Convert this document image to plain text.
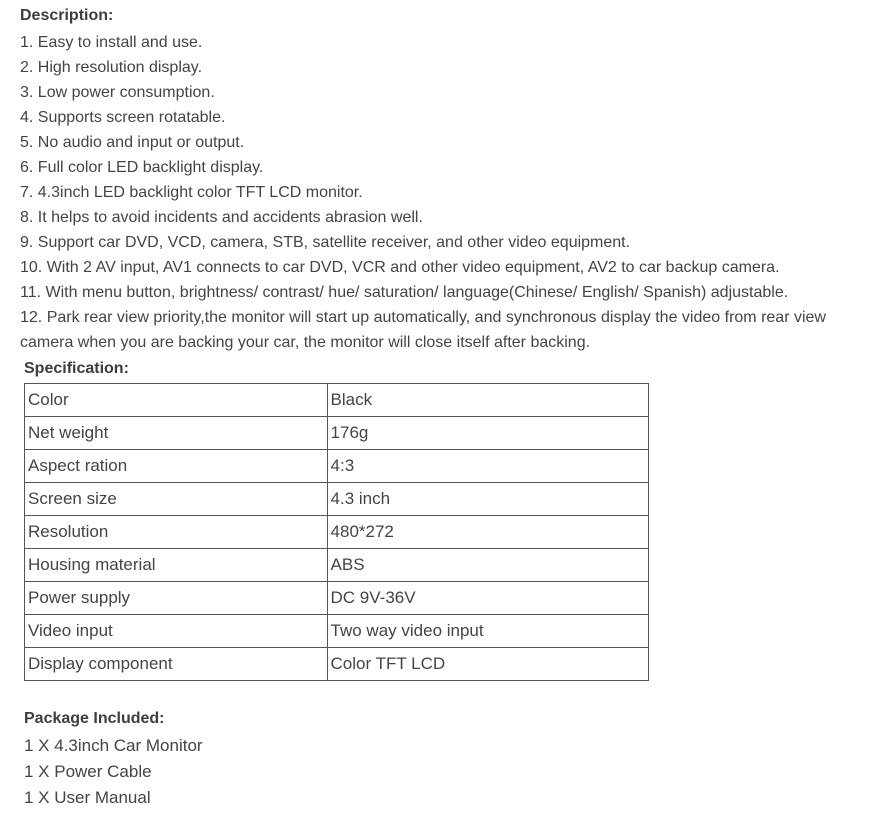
Description:
1. Easy to install and use.
2. High resolution display.
3. Low power consumption.
4. Supports screen rotatable.
5. No audio and input or output.
6. Full color LED backlight display.
7. 4.3inch LED backlight color TFT LCD monitor.
8. It helps to avoid incidents and accidents abrasion well.
9. Support car DVD, VCD, camera, STB, satellite receiver, and other video equipment.
10. With 2 AV input, AV1 connects to car DVD, VCR and other video equipment, AV2 to car backup camera.
11. With menu button, brightness/ contrast/ hue/ saturation/ language(Chinese/ English/ Spanish) adjustable.
12. Park rear view priority,the monitor will start up automatically, and synchronous display the video from rear view camera when you are backing your car, the monitor will close itself after backing.
Specification:
Color	Black
Net weight	176g
Aspect ration	4:3
Screen size	4.3 inch
Resolution	480*272
Housing material	ABS
Power supply	DC 9V-36V
Video input	Two way video input
Display component	Color TFT LCD
Package Included:
1 X 4.3inch Car Monitor
1 X Power Cable
1 X User Manual
